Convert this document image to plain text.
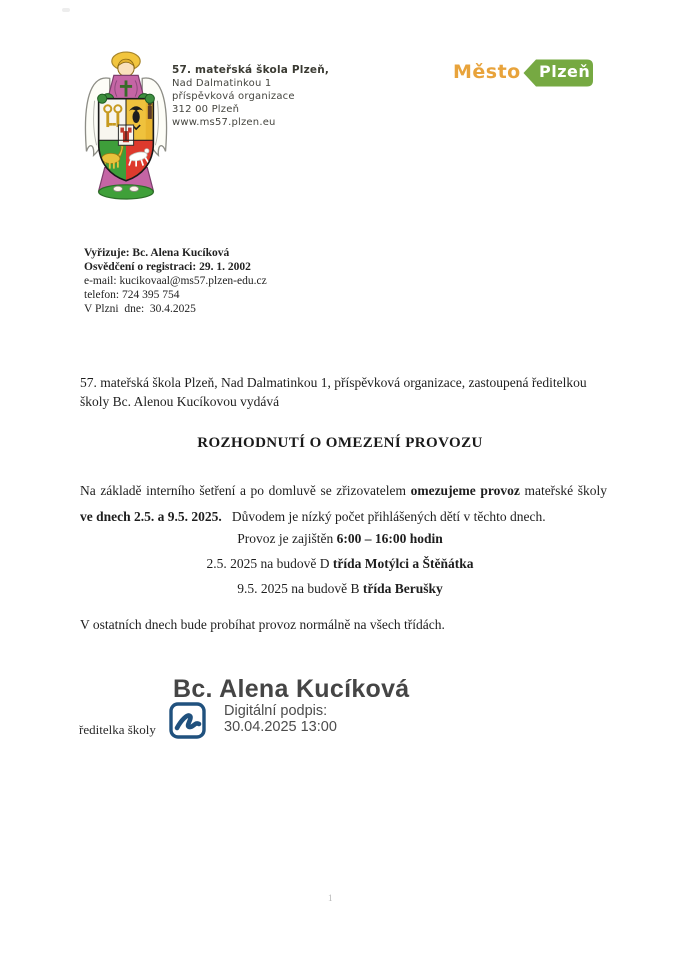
57. mateřská škola Plzeň,
Nad Dalmatinkou 1
příspěvková organizace
312 00 Plzeň
www.ms57.plzen.eu
Město Plzeň
Vyřizuje: Bc. Alena Kucíková
Osvědčení o registraci: 29. 1. 2002
e-mail: kucikovaal@ms57.plzen-edu.cz
telefon: 724 395 754
V Plzni  dne:  30.4.2025
57. mateřská škola Plzeň, Nad Dalmatinkou 1, příspěvková organizace, zastoupená ředitelkou
školy Bc. Alenou Kucíkovou vydává
ROZHODNUTÍ O OMEZENÍ PROVOZU
Na základě interního šetření a po domluvě se zřizovatelem omezujeme provoz mateřské školy
ve dnech 2.5. a 9.5. 2025.   Důvodem je nízký počet přihlášených dětí v těchto dnech.
Provoz je zajištěn 6:00 – 16:00 hodin
2.5. 2025 na budově D třída Motýlci a Štěňátka
9.5. 2025 na budově B třída Berušky
V ostatních dnech bude probíhat provoz normálně na všech třídách.
Bc. Alena Kucíková
Digitální podpis:
30.04.2025 13:00
ředitelka školy
1
